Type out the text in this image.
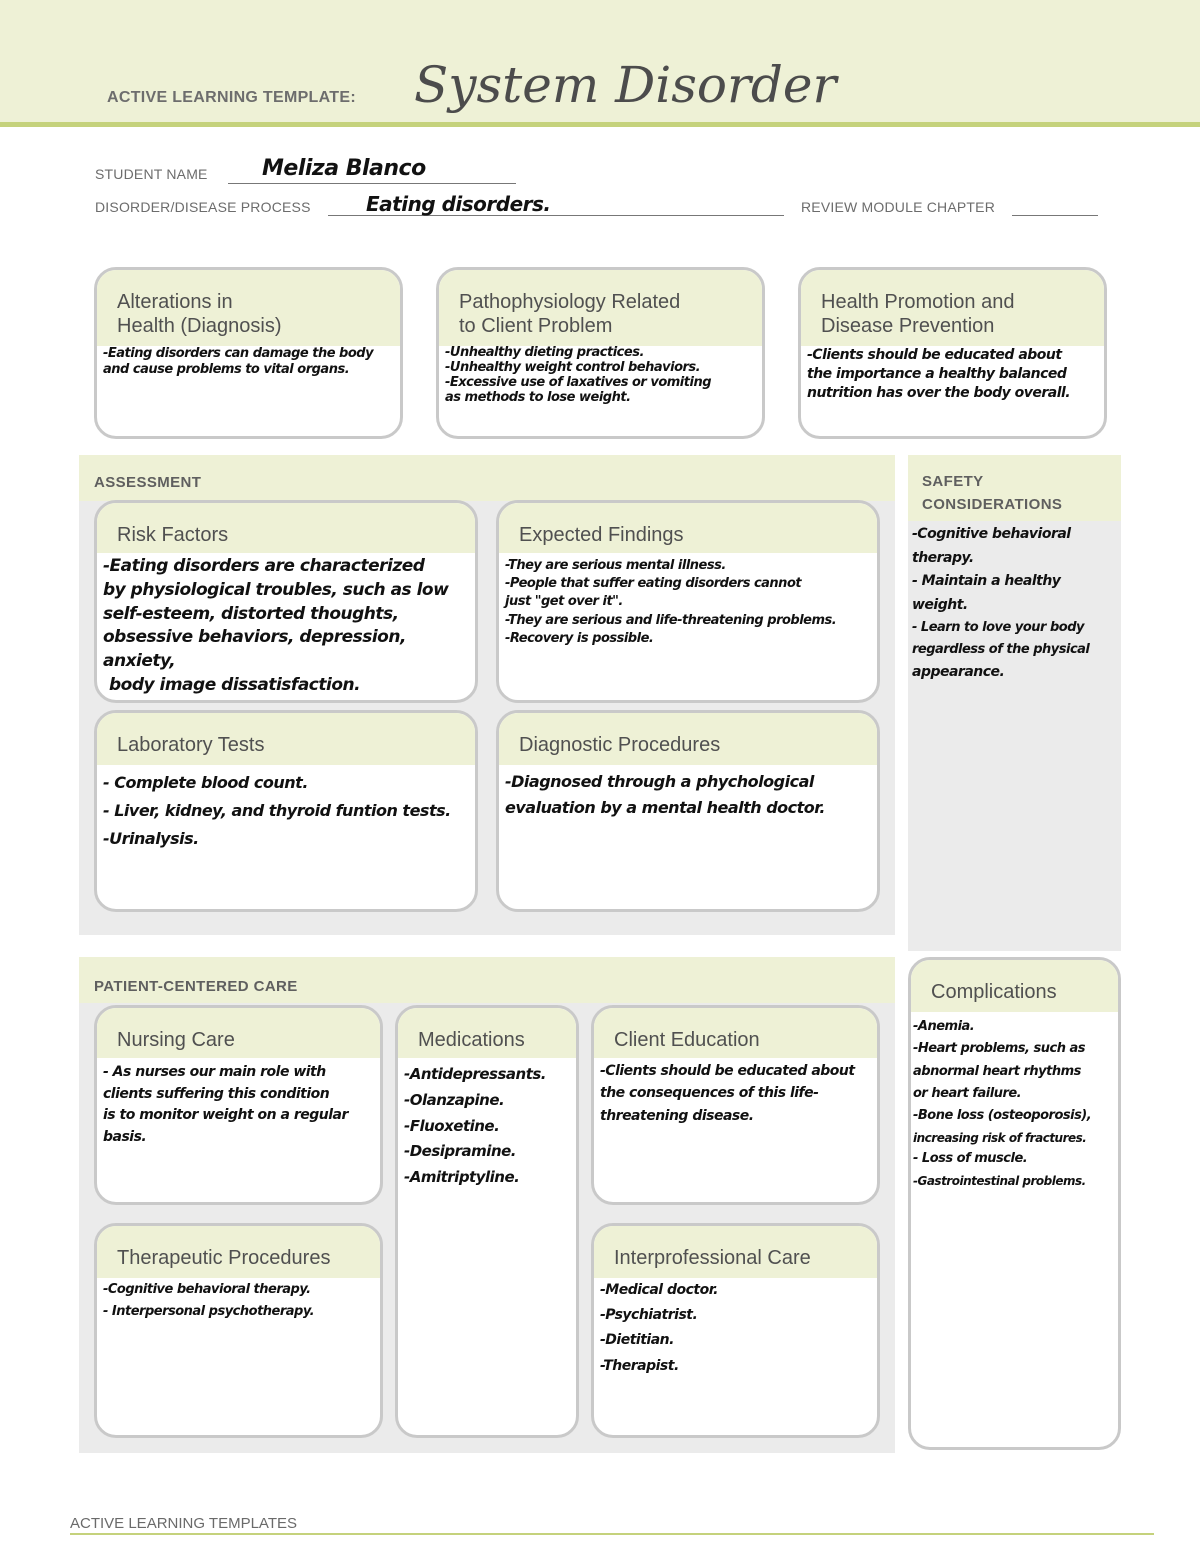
ACTIVE LEARNING TEMPLATE: System Disorder
STUDENT NAME Meliza Blanco
DISORDER/DISEASE PROCESS	Eating disorders.	REVIEW MODULE CHAPTER
Alterations in
Health (Diagnosis)
-Eating disorders can damage the body
and cause problems to vital organs.
Pathophysiology Related
to Client Problem
-Unhealthy dieting practices.
-Unhealthy weight control behaviors.
-Excessive use of laxatives or vomiting
as methods to lose weight.
Health Promotion and
Disease Prevention
-Clients should be educated about
the importance a healthy balanced
nutrition has over the body overall.
ASSESSMENT
Risk Factors
-Eating disorders are characterized
by physiological troubles, such as low
self-esteem, distorted thoughts,
obsessive behaviors, depression, anxiety,
body image dissatisfaction.
Expected Findings
-They are serious mental illness.
-People that suffer eating disorders cannot
just "get over it".
-They are serious and life-threatening problems.
-Recovery is possible.
Laboratory Tests
- Complete blood count.
- Liver, kidney, and thyroid funtion tests.
-Urinalysis.
Diagnostic Procedures
-Diagnosed through a phychological
evaluation by a mental health doctor.
SAFETY
CONSIDERATIONS
-Cognitive behavioral
therapy.
- Maintain a healthy
weight.
- Learn to love your body
regardless of the physical
appearance.
PATIENT-CENTERED CARE
Nursing Care
- As nurses our main role with
clients suffering this condition
is to monitor weight on a regular
basis.
Medications
-Antidepressants.
-Olanzapine.
-Fluoxetine.
-Desipramine.
-Amitriptyline.
Client Education
-Clients should be educated about
the consequences of this life-
threatening disease.
Therapeutic Procedures
-Cognitive behavioral therapy.
- Interpersonal psychotherapy.
Interprofessional Care
-Medical doctor.
-Psychiatrist.
-Dietitian.
-Therapist.
Complications
-Anemia.
-Heart problems, such as
abnormal heart rhythms
or heart failure.
-Bone loss (osteoporosis),
increasing risk of fractures.
- Loss of muscle.
-Gastrointestinal problems.
ACTIVE LEARNING TEMPLATES
